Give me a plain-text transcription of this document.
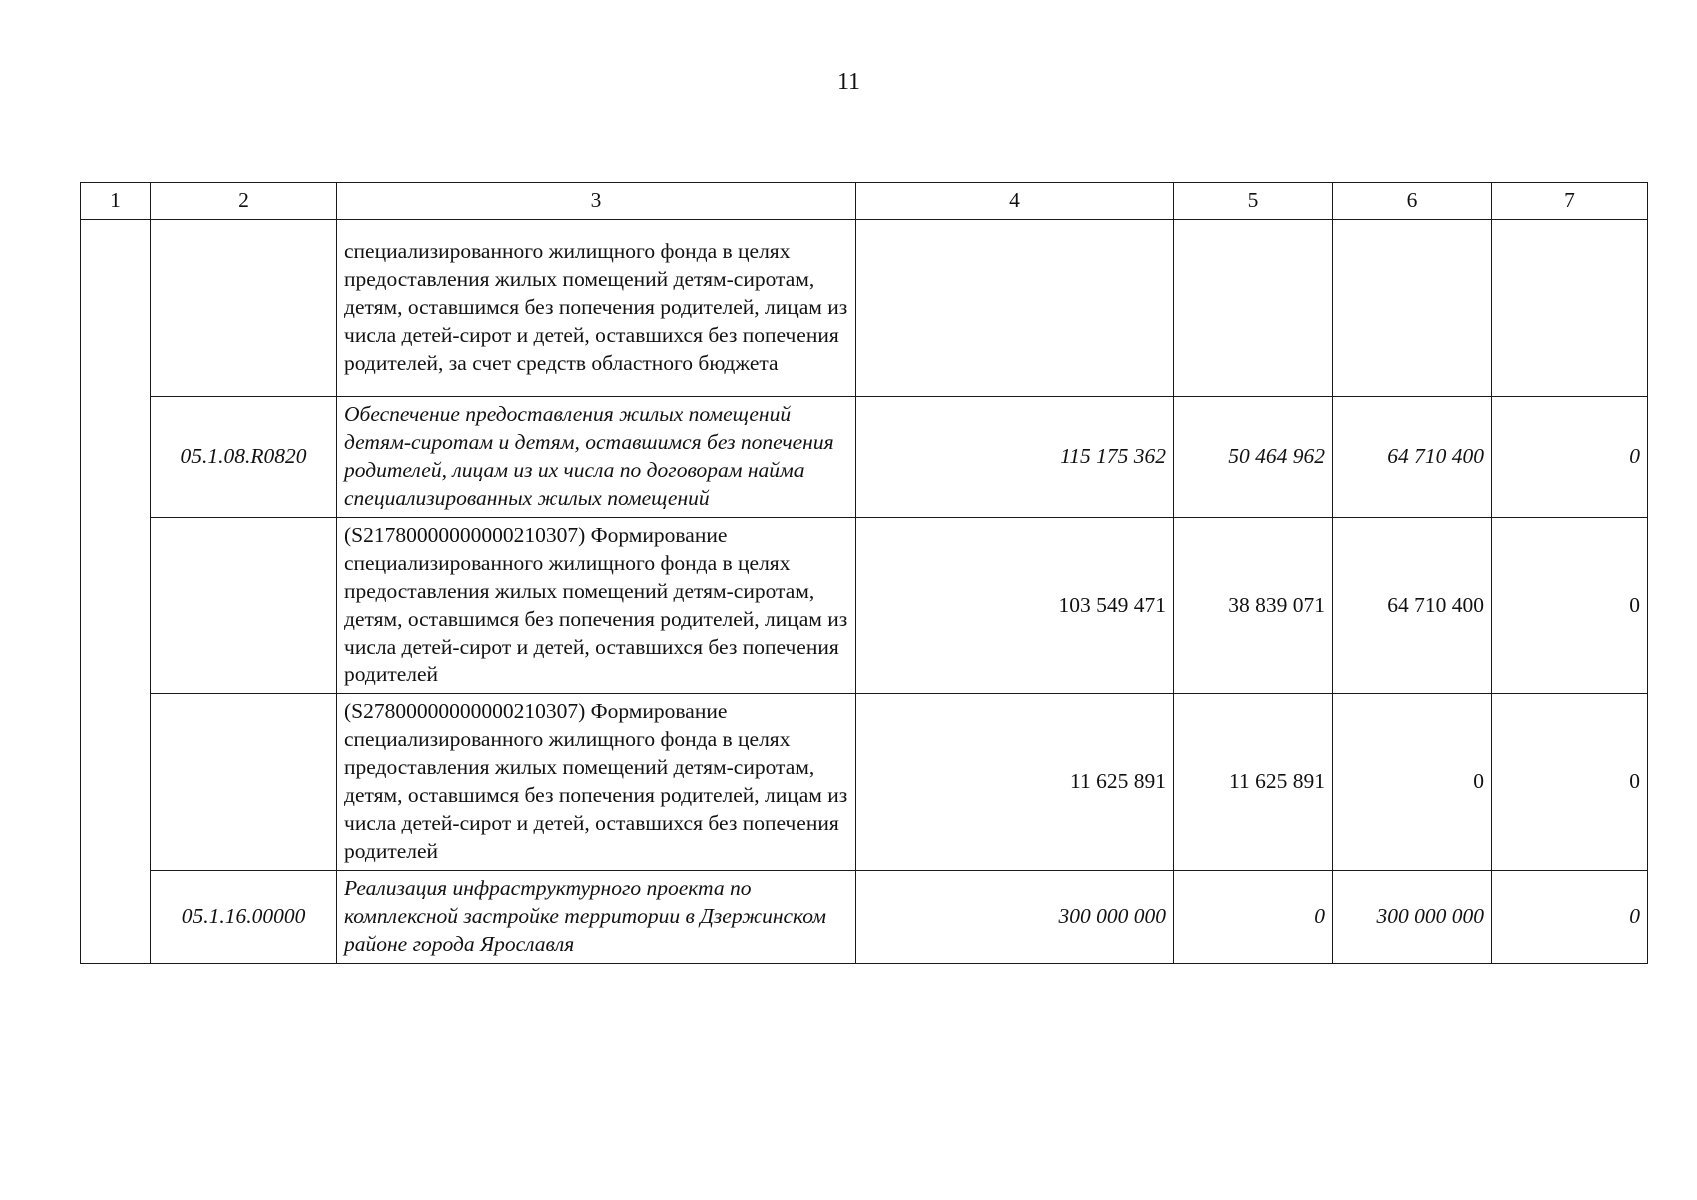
11
1	2	3	4	5	6	7
		специализированного жилищного фонда в целях предоставления жилых помещений детям-сиротам, детям, оставшимся без попечения родителей, лицам из числа детей-сирот и детей, оставшихся без попечения родителей, за счет средств областного бюджета				
	05.1.08.R0820	Обеспечение предоставления жилых помещений детям-сиротам и детям, оставшимся без попечения родителей, лицам из их числа по договорам найма специализированных жилых помещений	115 175 362	50 464 962	64 710 400	0
		(S21780000000000210307) Формирование специализированного жилищного фонда в целях предоставления жилых помещений детям-сиротам, детям, оставшимся без попечения родителей, лицам из числа детей-сирот и детей, оставшихся без попечения родителей	103 549 471	38 839 071	64 710 400	0
		(S27800000000000210307) Формирование специализированного жилищного фонда в целях предоставления жилых помещений детям-сиротам, детям, оставшимся без попечения родителей, лицам из числа детей-сирот и детей, оставшихся без попечения родителей	11 625 891	11 625 891	0	0
	05.1.16.00000	Реализация инфраструктурного проекта по комплексной застройке территории в Дзержинском районе города Ярославля	300 000 000	0	300 000 000	0
